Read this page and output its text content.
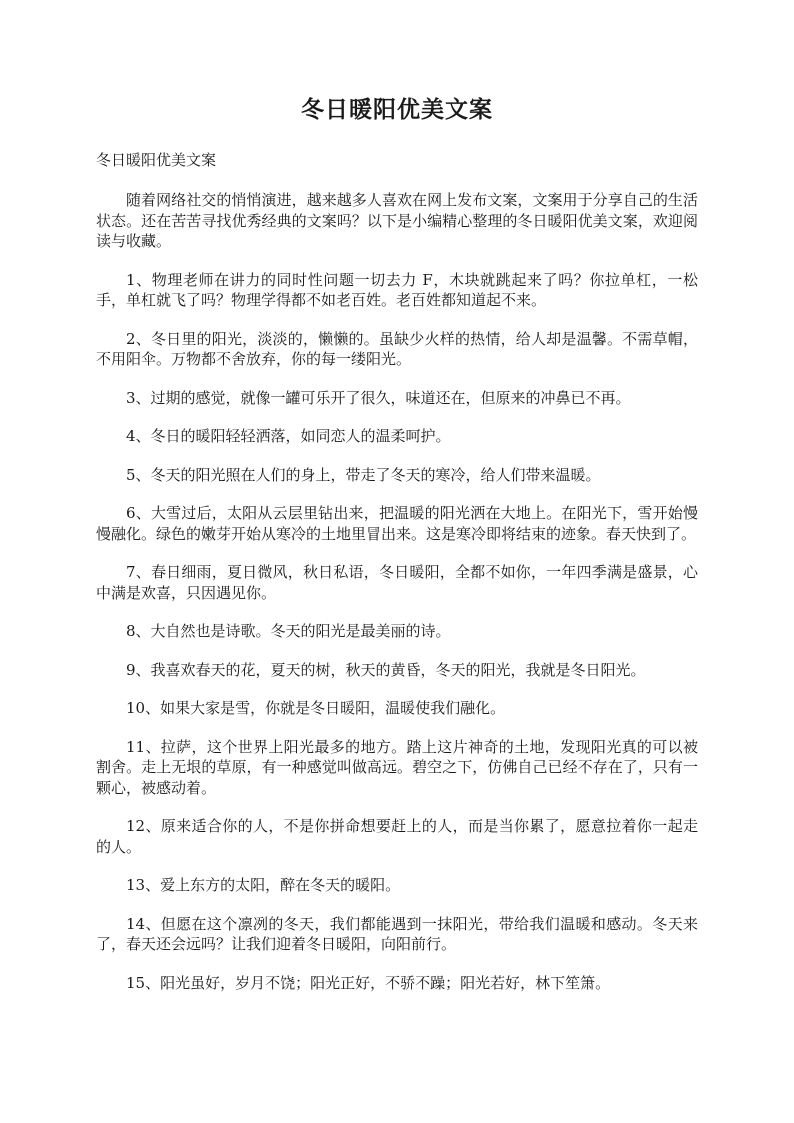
冬日暖阳优美文案

冬日暖阳优美文案

随着网络社交的悄悄演进，越来越多人喜欢在网上发布文案，文案用于分享自己的生活状态。还在苦苦寻找优秀经典的文案吗？以下是小编精心整理的冬日暖阳优美文案，欢迎阅读与收藏。

1、物理老师在讲力的同时性问题一切去力 F，木块就跳起来了吗？你拉单杠，一松手，单杠就飞了吗？物理学得都不如老百姓。老百姓都知道起不来。

2、冬日里的阳光，淡淡的，懒懒的。虽缺少火样的热情，给人却是温馨。不需草帽，不用阳伞。万物都不舍放弃，你的每一缕阳光。

3、过期的感觉，就像一罐可乐开了很久，味道还在，但原来的冲鼻已不再。

4、冬日的暖阳轻轻洒落，如同恋人的温柔呵护。

5、冬天的阳光照在人们的身上，带走了冬天的寒冷，给人们带来温暖。

6、大雪过后，太阳从云层里钻出来，把温暖的阳光洒在大地上。在阳光下，雪开始慢慢融化。绿色的嫩芽开始从寒冷的土地里冒出来。这是寒冷即将结束的迹象。春天快到了。

7、春日细雨，夏日微风，秋日私语，冬日暖阳，全都不如你，一年四季满是盛景，心中满是欢喜，只因遇见你。

8、大自然也是诗歌。冬天的阳光是最美丽的诗。

9、我喜欢春天的花，夏天的树，秋天的黄昏，冬天的阳光，我就是冬日阳光。

10、如果大家是雪，你就是冬日暖阳，温暖使我们融化。

11、拉萨，这个世界上阳光最多的地方。踏上这片神奇的土地，发现阳光真的可以被割舍。走上无垠的草原，有一种感觉叫做高远。碧空之下，仿佛自己已经不存在了，只有一颗心，被感动着。

12、原来适合你的人，不是你拼命想要赶上的人，而是当你累了，愿意拉着你一起走的人。

13、爱上东方的太阳，醉在冬天的暖阳。

14、但愿在这个凛冽的冬天，我们都能遇到一抹阳光，带给我们温暖和感动。冬天来了，春天还会远吗？让我们迎着冬日暖阳，向阳前行。

15、阳光虽好，岁月不饶；阳光正好，不骄不躁；阳光若好，林下笙箫。
